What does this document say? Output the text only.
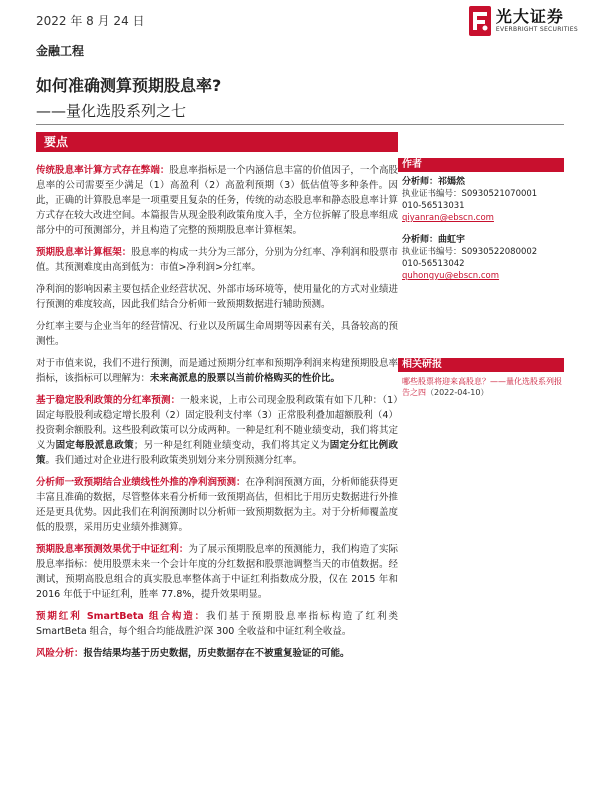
2022 年 8 月 24 日	光大证券
EVERBRIGHT SECURITIES
金融工程
如何准确测算预期股息率?
——量化选股系列之七
要点

传统股息率计算方式存在弊端：股息率指标是一个内涵信息丰富的价值因子，一个高股息率的公司需要至少满足（1）高盈利（2）高盈利预期（3）低估值等多种条件。因此，正确的计算股息率是一项重要且复杂的任务，传统的动态股息率和静态股息率计算方式存在较大改进空间。本篇报告从现金股利政策角度入手，全方位拆解了股息率组成部分中的可预测部分，并且构造了完整的预期股息率计算框架。

预期股息率计算框架：股息率的构成一共分为三部分，分别为分红率、净利润和股票市值。其预测难度由高到低为：市值>净利润>分红率。

净利润的影响因素主要包括企业经营状况、外部市场环境等，使用量化的方式对业绩进行预测的难度较高，因此我们结合分析师一致预期数据进行辅助预测。

分红率主要与企业当年的经营情况、行业以及所属生命周期等因素有关，具备较高的预测性。

对于市值来说，我们不进行预测，而是通过预期分红率和预期净利润来构建预期股息率指标，该指标可以理解为：未来高派息的股票以当前价格购买的性价比。

基于稳定股利政策的分红率预测：一般来说，上市公司现金股利政策有如下几种：（1）固定每股股利或稳定增长股利（2）固定股利支付率（3）正常股利叠加超额股利（4）投资剩余额股利。这些股利政策可以分成两种。一种是红利不随业绩变动，我们将其定义为固定每股派息政策；另一种是红利随业绩变动，我们将其定义为固定分红比例政策。我们通过对企业进行股利政策类别划分来分别预测分红率。

分析师一致预期结合业绩线性外推的净利润预测：在净利润预测方面，分析师能获得更丰富且准确的数据，尽管整体来看分析师一致预期高估，但相比于用历史数据进行外推还是更具优势。因此我们在利润预测时以分析师一致预期数据为主。对于分析师覆盖度低的股票，采用历史业绩外推测算。

预期股息率预测效果优于中证红利：为了展示预期股息率的预测能力，我们构造了实际股息率指标：使用股票未来一个会计年度的分红数据和股票池调整当天的市值数据。经测试，预期高股息组合的真实股息率整体高于中证红利指数成分股，仅在 2015 年和 2016 年低于中证红利，胜率 77.8%，提升效果明显。

预期红利 SmartBeta 组合构造：我们基于预期股息率指标构造了红利类 SmartBeta 组合，每个组合均能战胜沪深 300 全收益和中证红利全收益。

风险分析：报告结果均基于历史数据，历史数据存在不被重复验证的可能。

作者
分析师：祁嫣然
执业证书编号：S0930521070001
010-56513031
qiyanran@ebscn.com
分析师：曲虹宇
执业证书编号：S0930522080002
010-56513042
quhongyu@ebscn.com
相关研报
哪些股票将迎来高股息？——量化选股系列报告之四（2022-04-10）
